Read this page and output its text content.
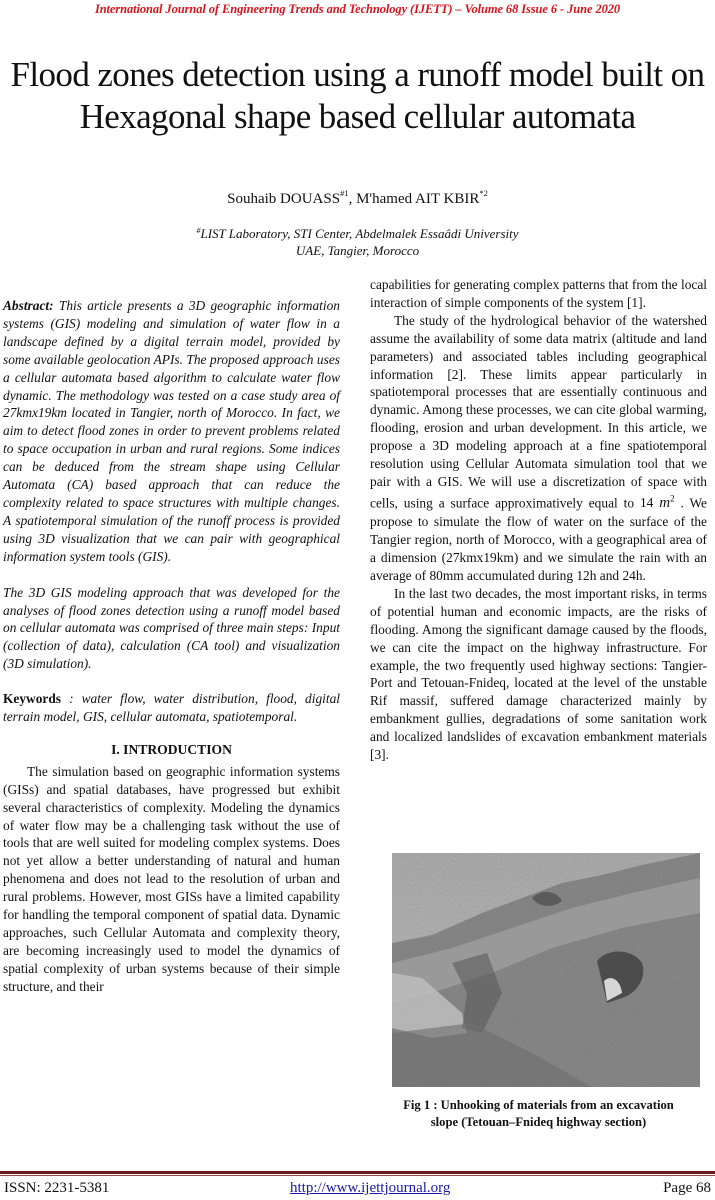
International Journal of Engineering Trends and Technology (IJETT) – Volume 68 Issue 6 - June 2020
Flood zones detection using a runoff model built on Hexagonal shape based cellular automata
Souhaib DOUASS$^{\#1}$, M'hamed AIT KBIR$^{*2}$
#LIST Laboratory, STI Center, Abdelmalek Essaâdi University
UAE, Tangier, Morocco

Abstract: This article presents a 3D geographic information systems (GIS) modeling and simulation of water flow in a landscape defined by a digital terrain model, provided by some available geolocation APIs. The proposed approach uses a cellular automata based algorithm to calculate water flow dynamic. The methodology was tested on a case study area of 27kmx19km located in Tangier, north of Morocco. In fact, we aim to detect flood zones in order to prevent problems related to space occupation in urban and rural regions. Some indices can be deduced from the stream shape using Cellular Automata (CA) based approach that can reduce the complexity related to space structures with multiple changes. A spatiotemporal simulation of the runoff process is provided using 3D visualization that we can pair with geographical information system tools (GIS).

The 3D GIS modeling approach that was developed for the analyses of flood zones detection using a runoff model based on cellular automata was comprised of three main steps: Input (collection of data), calculation (CA tool) and visualization (3D simulation).

Keywords : water flow, water distribution, flood, digital terrain model, GIS, cellular automata, spatiotemporal.

I. INTRODUCTION

The simulation based on geographic information systems (GISs) and spatial databases, have progressed but exhibit several characteristics of complexity. Modeling the dynamics of water flow may be a challenging task without the use of tools that are well suited for modeling complex systems. Does not yet allow a better understanding of natural and human phenomena and does not lead to the resolution of urban and rural problems. However, most GISs have a limited capability for handling the temporal component of spatial data. Dynamic approaches, such Cellular Automata and complexity theory, are becoming increasingly used to model the dynamics of spatial complexity of urban systems because of their simple structure, and their

capabilities for generating complex patterns that from the local interaction of simple components of the system [1].

The study of the hydrological behavior of the watershed assume the availability of some data matrix (altitude and land parameters) and associated tables including geographical information [2]. These limits appear particularly in spatiotemporal processes that are essentially continuous and dynamic. Among these processes, we can cite global warming, flooding, erosion and urban development. In this article, we propose a 3D modeling approach at a fine spatiotemporal resolution using Cellular Automata simulation tool that we pair with a GIS. We will use a discretization of space with cells, using a surface approximatively equal to 14 $m^2$ . We propose to simulate the flow of water on the surface of the Tangier region, north of Morocco, with a geographical area of a dimension (27kmx19km) and we simulate the rain with an average of 80mm accumulated during 12h and 24h.

In the last two decades, the most important risks, in terms of potential human and economic impacts, are the risks of flooding. Among the significant damage caused by the floods, we can cite the impact on the highway infrastructure. For example, the two frequently used highway sections: Tangier-Port and Tetouan-Fnideq, located at the level of the unstable Rif massif, suffered damage characterized mainly by embankment gullies, degradations of some sanitation work and localized landslides of excavation embankment materials [3].

Fig 1 : Unhooking of materials from an excavation
slope (Tetouan–Fnideq highway section)
ISSN: 2231-5381	http://www.ijettjournal.org	Page 68
